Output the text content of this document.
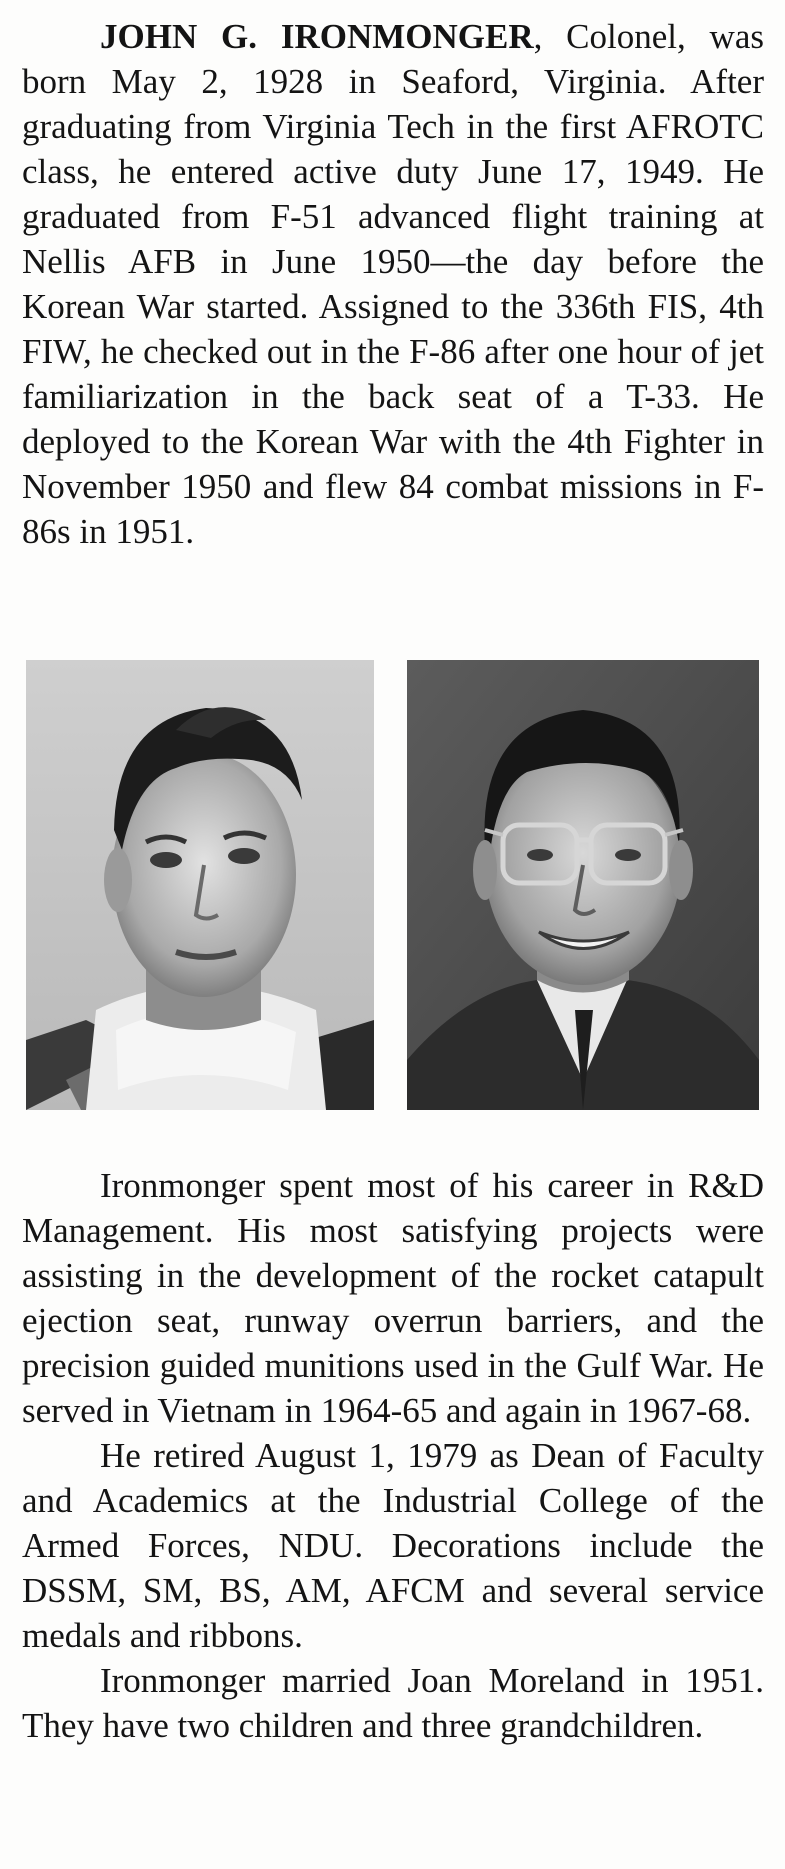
JOHN G. IRONMONGER, Colonel, was born May 2, 1928 in Seaford, Virginia. After graduating from Virginia Tech in the first AFROTC class, he entered active duty June 17, 1949. He graduated from F-51 advanced flight training at Nellis AFB in June 1950—the day before the Korean War started. Assigned to the 336th FIS, 4th FIW, he checked out in the F-86 after one hour of jet familiarization in the back seat of a T-33. He deployed to the Korean War with the 4th Fighter in November 1950 and flew 84 combat missions in F-86s in 1951.

Ironmonger spent most of his career in R&D Management. His most satisfying projects were assisting in the development of the rocket catapult ejection seat, runway overrun barriers, and the precision guided munitions used in the Gulf War. He served in Vietnam in 1964-65 and again in 1967-68.

He retired August 1, 1979 as Dean of Faculty and Academics at the Industrial College of the Armed Forces, NDU. Decorations include the DSSM, SM, BS, AM, AFCM and several service medals and ribbons.

Ironmonger married Joan Moreland in 1951. They have two children and three grandchildren.
